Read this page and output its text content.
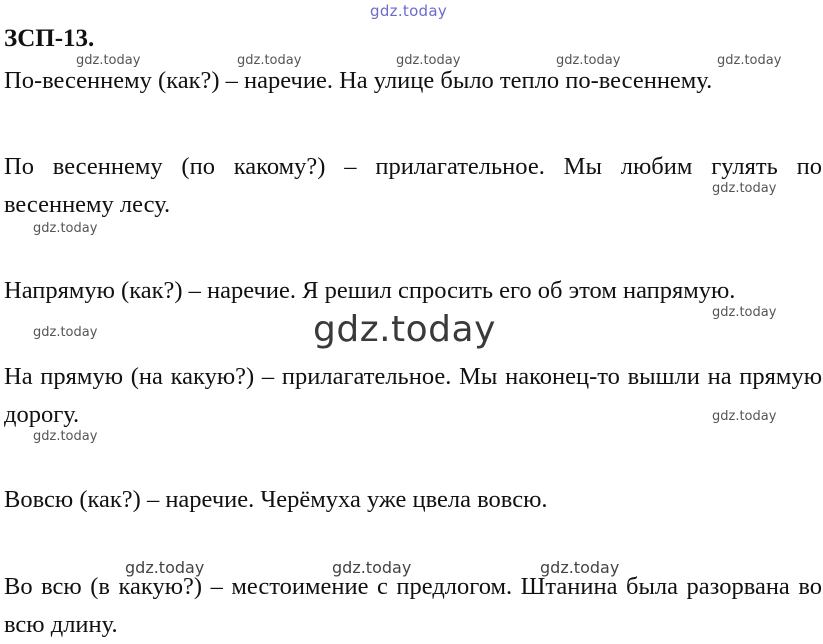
gdz.today
gdz.today	gdz.today	gdz.today	gdz.today	gdz.today
gdz.today
gdz.today
gdz.today
gdz.today	gdz.today
gdz.today
gdz.today
gdz.today	gdz.today	gdz.today
ЗСП-13.

По-весеннему (как?) – наречие. На улице было тепло по-весеннему.

По весеннему (по какому?) – прилагательное. Мы любим гулять по весеннему лесу.

Напрямую (как?) – наречие. Я решил спросить его об этом напрямую.

На прямую (на какую?) – прилагательное. Мы наконец-то вышли на прямую дорогу.

Вовсю (как?) – наречие. Черёмуха уже цвела вовсю.

Во всю (в какую?) – местоимение с предлогом. Штанина была разорвана во всю длину.
